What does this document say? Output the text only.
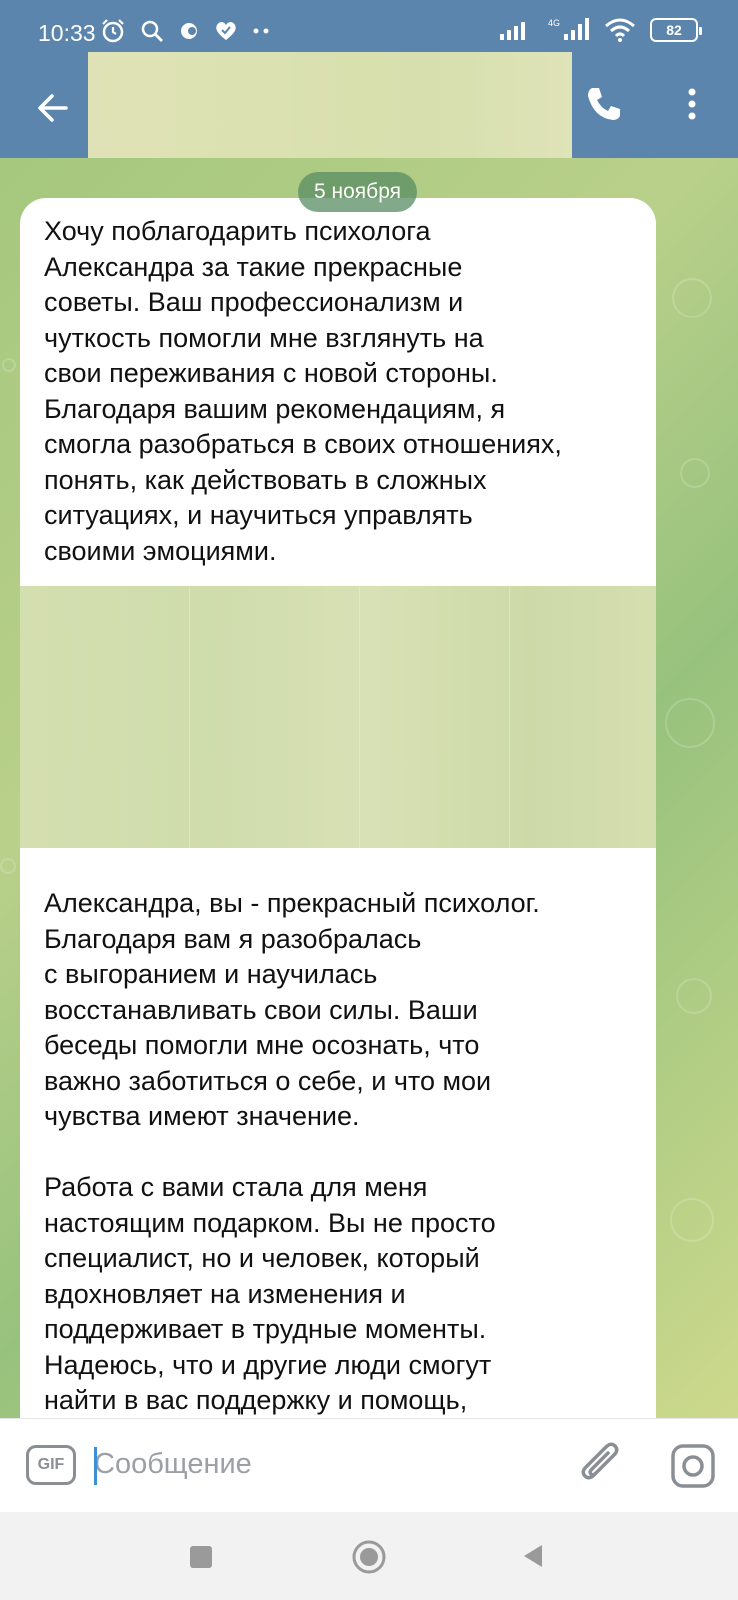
10:33	4G	82
Хочу поблагодарить психолога
Александра за такие прекрасные
советы. Ваш профессионализм и
чуткость помогли мне взглянуть на
свои переживания с новой стороны.
Благодаря вашим рекомендациям, я
смогла разобраться в своих отношениях,
понять, как действовать в сложных
ситуациях, и научиться управлять
своими эмоциями.
Александра, вы - прекрасный психолог.
Благодаря вам я разобралась
с выгоранием и научилась
восстанавливать свои силы. Ваши
беседы помогли мне осознать, что
важно заботиться о себе, и что мои
чувства имеют значение.

Работа с вами стала для меня
настоящим подарком. Вы не просто
специалист, но и человек, который
вдохновляет на изменения и
поддерживает в трудные моменты.
Надеюсь, что и другие люди смогут
найти в вас поддержку и помощь,
5 ноября
GIF
Сообщение
